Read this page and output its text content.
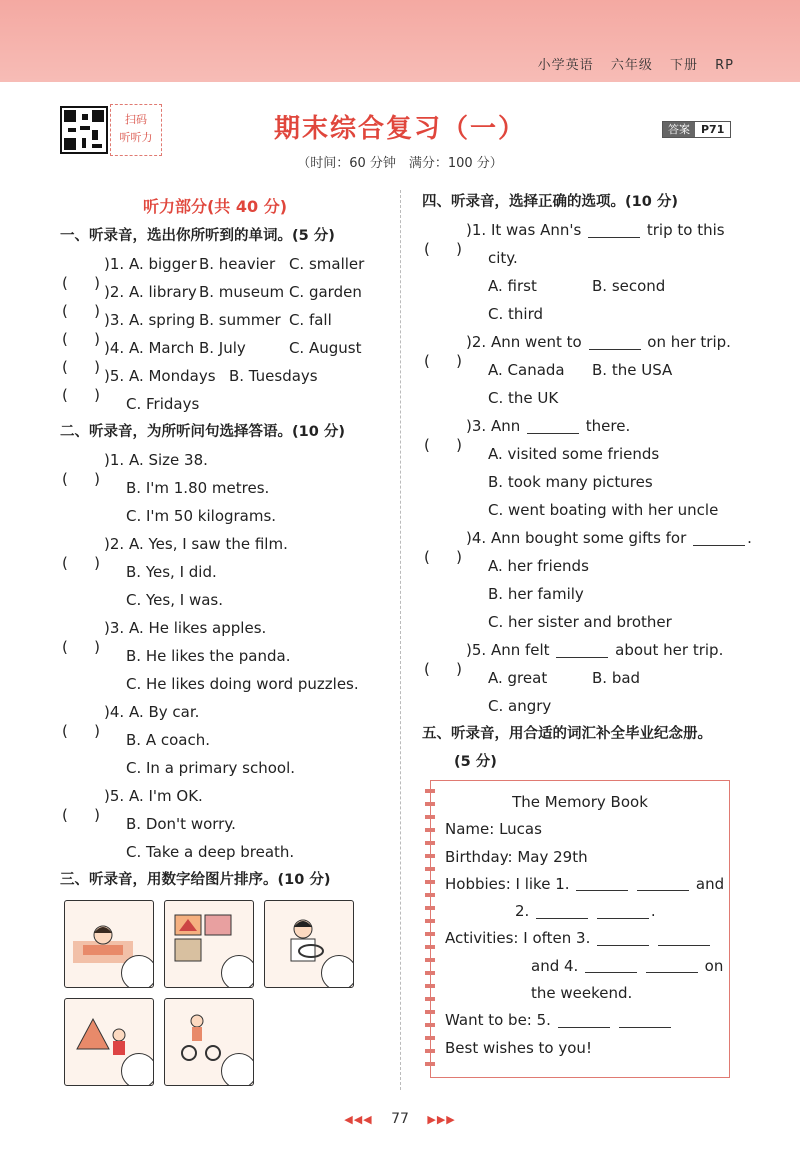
小学英语 六年级 下册 RP
扫码
听听力	期末综合复习（一）
（时间：60 分钟　满分：100 分）
答案	P71
听力部分(共 40 分)
一、听录音，选出你所听到的单词。(5 分)
)1. A. bigger B. heavier C. smaller
)2. A. library B. museum C. garden
)3. A. spring B. summer C. fall
)4. A. March B. July	C. August
)5. A. Mondays B. Tuesdays
C. Fridays
二、听录音，为所听问句选择答语。(10 分)
)1. A. Size 38.
B. I'm 1.80 metres.
C. I'm 50 kilograms.
)2. A. Yes, I saw the film.
B. Yes, I did.
C. Yes, I was.
)3. A. He likes apples.
B. He likes the panda.
C. He likes doing word puzzles.
)4. A. By car.
B. A coach.
C. In a primary school.
)5. A. I'm OK.
B. Don't worry.
C. Take a deep breath.
三、听录音，用数字给图片排序。(10 分)
四、听录音，选择正确的选项。(10 分)
)1. It was Ann's	trip to this
city.
A. first	B. second
C. third
)2. Ann went to	on her trip.
A. Canada B. the USA
C. the UK
)3. Ann	there.
A. visited some friends
B. took many pictures
C. went boating with her uncle
)4. Ann bought some gifts for	.
A. her friends
B. her family
C. her sister and brother
)5. Ann felt	about her trip.
A. great	B. bad
C. angry
五、听录音，用合适的词汇补全毕业纪念册。
(5 分)
The Memory Book
Name: Lucas
Birthday: May 29th
Hobbies: I like 1.	and
2.	.
Activities: I often 3.
and 4.	on
the weekend.
Want to be: 5.
Best wishes to you!
◀◀◀ 77 ▶▶▶
